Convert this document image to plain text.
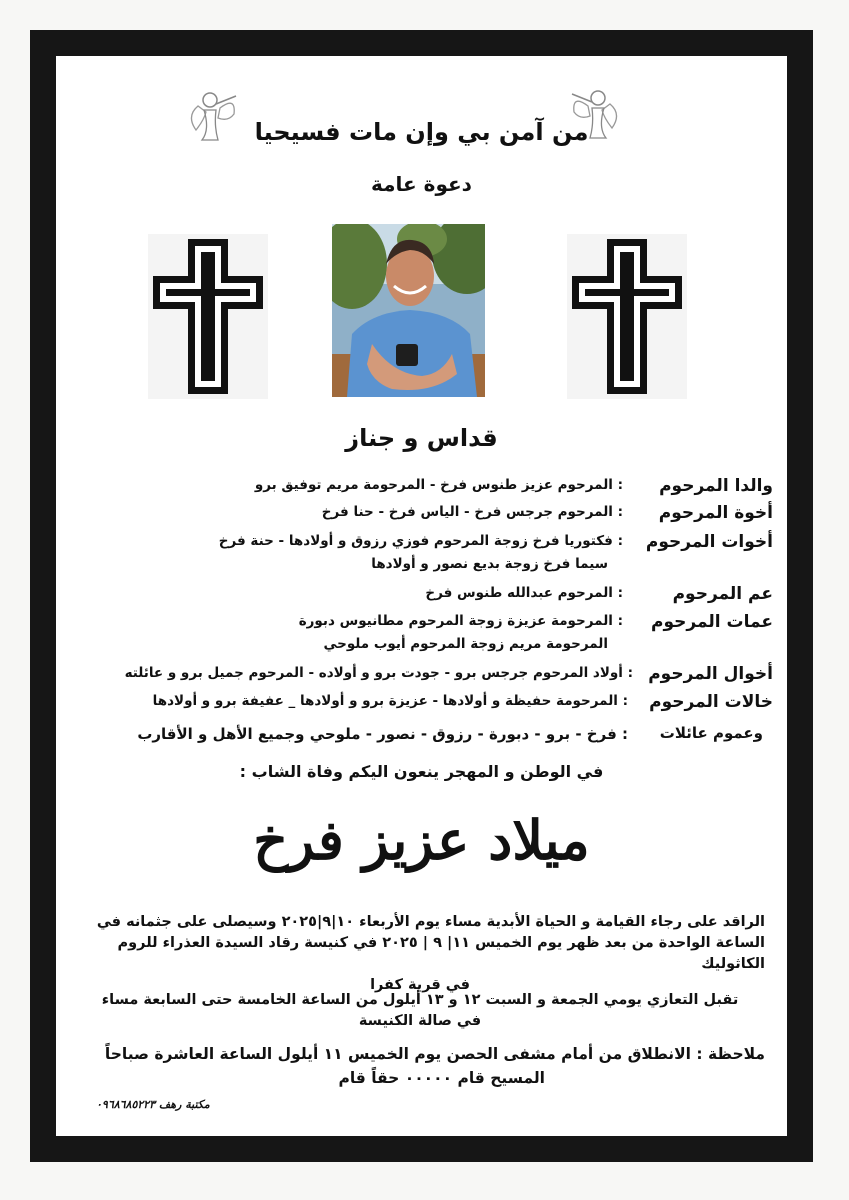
من آمن بي وإن مات فسيحيا
دعوة عامة
قداس و جناز
والدا المرحوم
: المرحوم عزيز طنوس فرخ - المرحومة مريم توفيق برو
أخوة المرحوم
: المرحوم جرجس فرخ - الياس فرخ - حنا فرخ
أخوات المرحوم
: فكتوريا فرخ زوجة المرحوم فوزي رزوق و أولادها - حنة فرخ
سيما فرخ زوجة بديع نصور و أولادها
عم المرحوم
: المرحوم عبدالله طنوس فرخ
عمات المرحوم
: المرحومة عزيزة زوجة المرحوم مطانيوس دبورة
المرحومة مريم زوجة المرحوم أيوب ملوحي
أخوال المرحوم
: أولاد المرحوم جرجس برو - جودت برو و أولاده - المرحوم جميل برو و عائلته
خالات المرحوم
: المرحومة حفيظة و أولادها - عزيزة برو و أولادها _ عفيفة برو و أولادها
وعموم عائلات
: فرخ - برو - دبورة - رزوق - نصور - ملوحي وجميع الأهل و الأقارب
في الوطن و المهجر ينعون اليكم وفاة الشاب :
ميلاد عزيز فرخ
الراقد على رجاء القيامة و الحياة الأبدية مساء يوم الأربعاء ١٠|٩|٢٠٢٥ وسيصلى على جثمانه في
الساعة الواحدة من بعد ظهر يوم الخميس ١١| ٩ | ٢٠٢٥ في كنيسة رقاد السيدة العذراء للروم الكاثوليك
في قرية كفرا
تقبل التعازي يومي الجمعة و السبت ١٢ و ١٣ أيلول من الساعة الخامسة حتى السابعة مساء
في صالة الكنيسة
ملاحظة : الانطلاق من أمام مشفى الحصن يوم الخميس ١١ أيلول الساعة العاشرة صباحاً
المسيح قام ٠٠٠٠٠ حقاً قام
مكتبة رهف ٠٩٦٨٦٨٥٢٢٣
